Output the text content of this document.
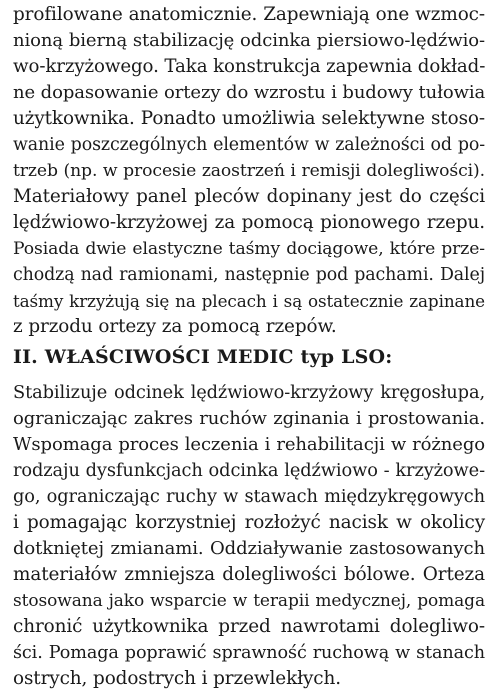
profilowane anatomicznie. Zapewniają one wzmoc-
nioną bierną stabilizację odcinka piersiowo-lędźwio-
wo-krzyżowego. Taka konstrukcja zapewnia dokład-
ne dopasowanie ortezy do wzrostu i budowy tułowia
użytkownika. Ponadto umożliwia selektywne stoso-
wanie poszczególnych elementów w zależności od po-
trzeb (np. w procesie zaostrzeń i remisji dolegliwości).
Materiałowy panel pleców dopinany jest do części
lędźwiowo-krzyżowej za pomocą pionowego rzepu.
Posiada dwie elastyczne taśmy dociągowe, które prze-
chodzą nad ramionami, następnie pod pachami. Dalej
taśmy krzyżują się na plecach i są ostatecznie zapinane
z przodu ortezy za pomocą rzepów.
II. WŁAŚCIWOŚCI MEDIC typ LSO:
Stabilizuje odcinek lędźwiowo-krzyżowy kręgosłupa,
ograniczając zakres ruchów zginania i prostowania.
Wspomaga proces leczenia i rehabilitacji w różnego
rodzaju dysfunkcjach odcinka lędźwiowo - krzyżowe-
go, ograniczając ruchy w stawach międzykręgowych
i pomagając korzystniej rozłożyć nacisk w okolicy
dotkniętej zmianami. Oddziaływanie zastosowanych
materiałów zmniejsza dolegliwości bólowe. Orteza
stosowana jako wsparcie w terapii medycznej, pomaga
chronić użytkownika przed nawrotami dolegliwo-
ści. Pomaga poprawić sprawność ruchową w stanach
ostrych, podostrych i przewlekłych.
